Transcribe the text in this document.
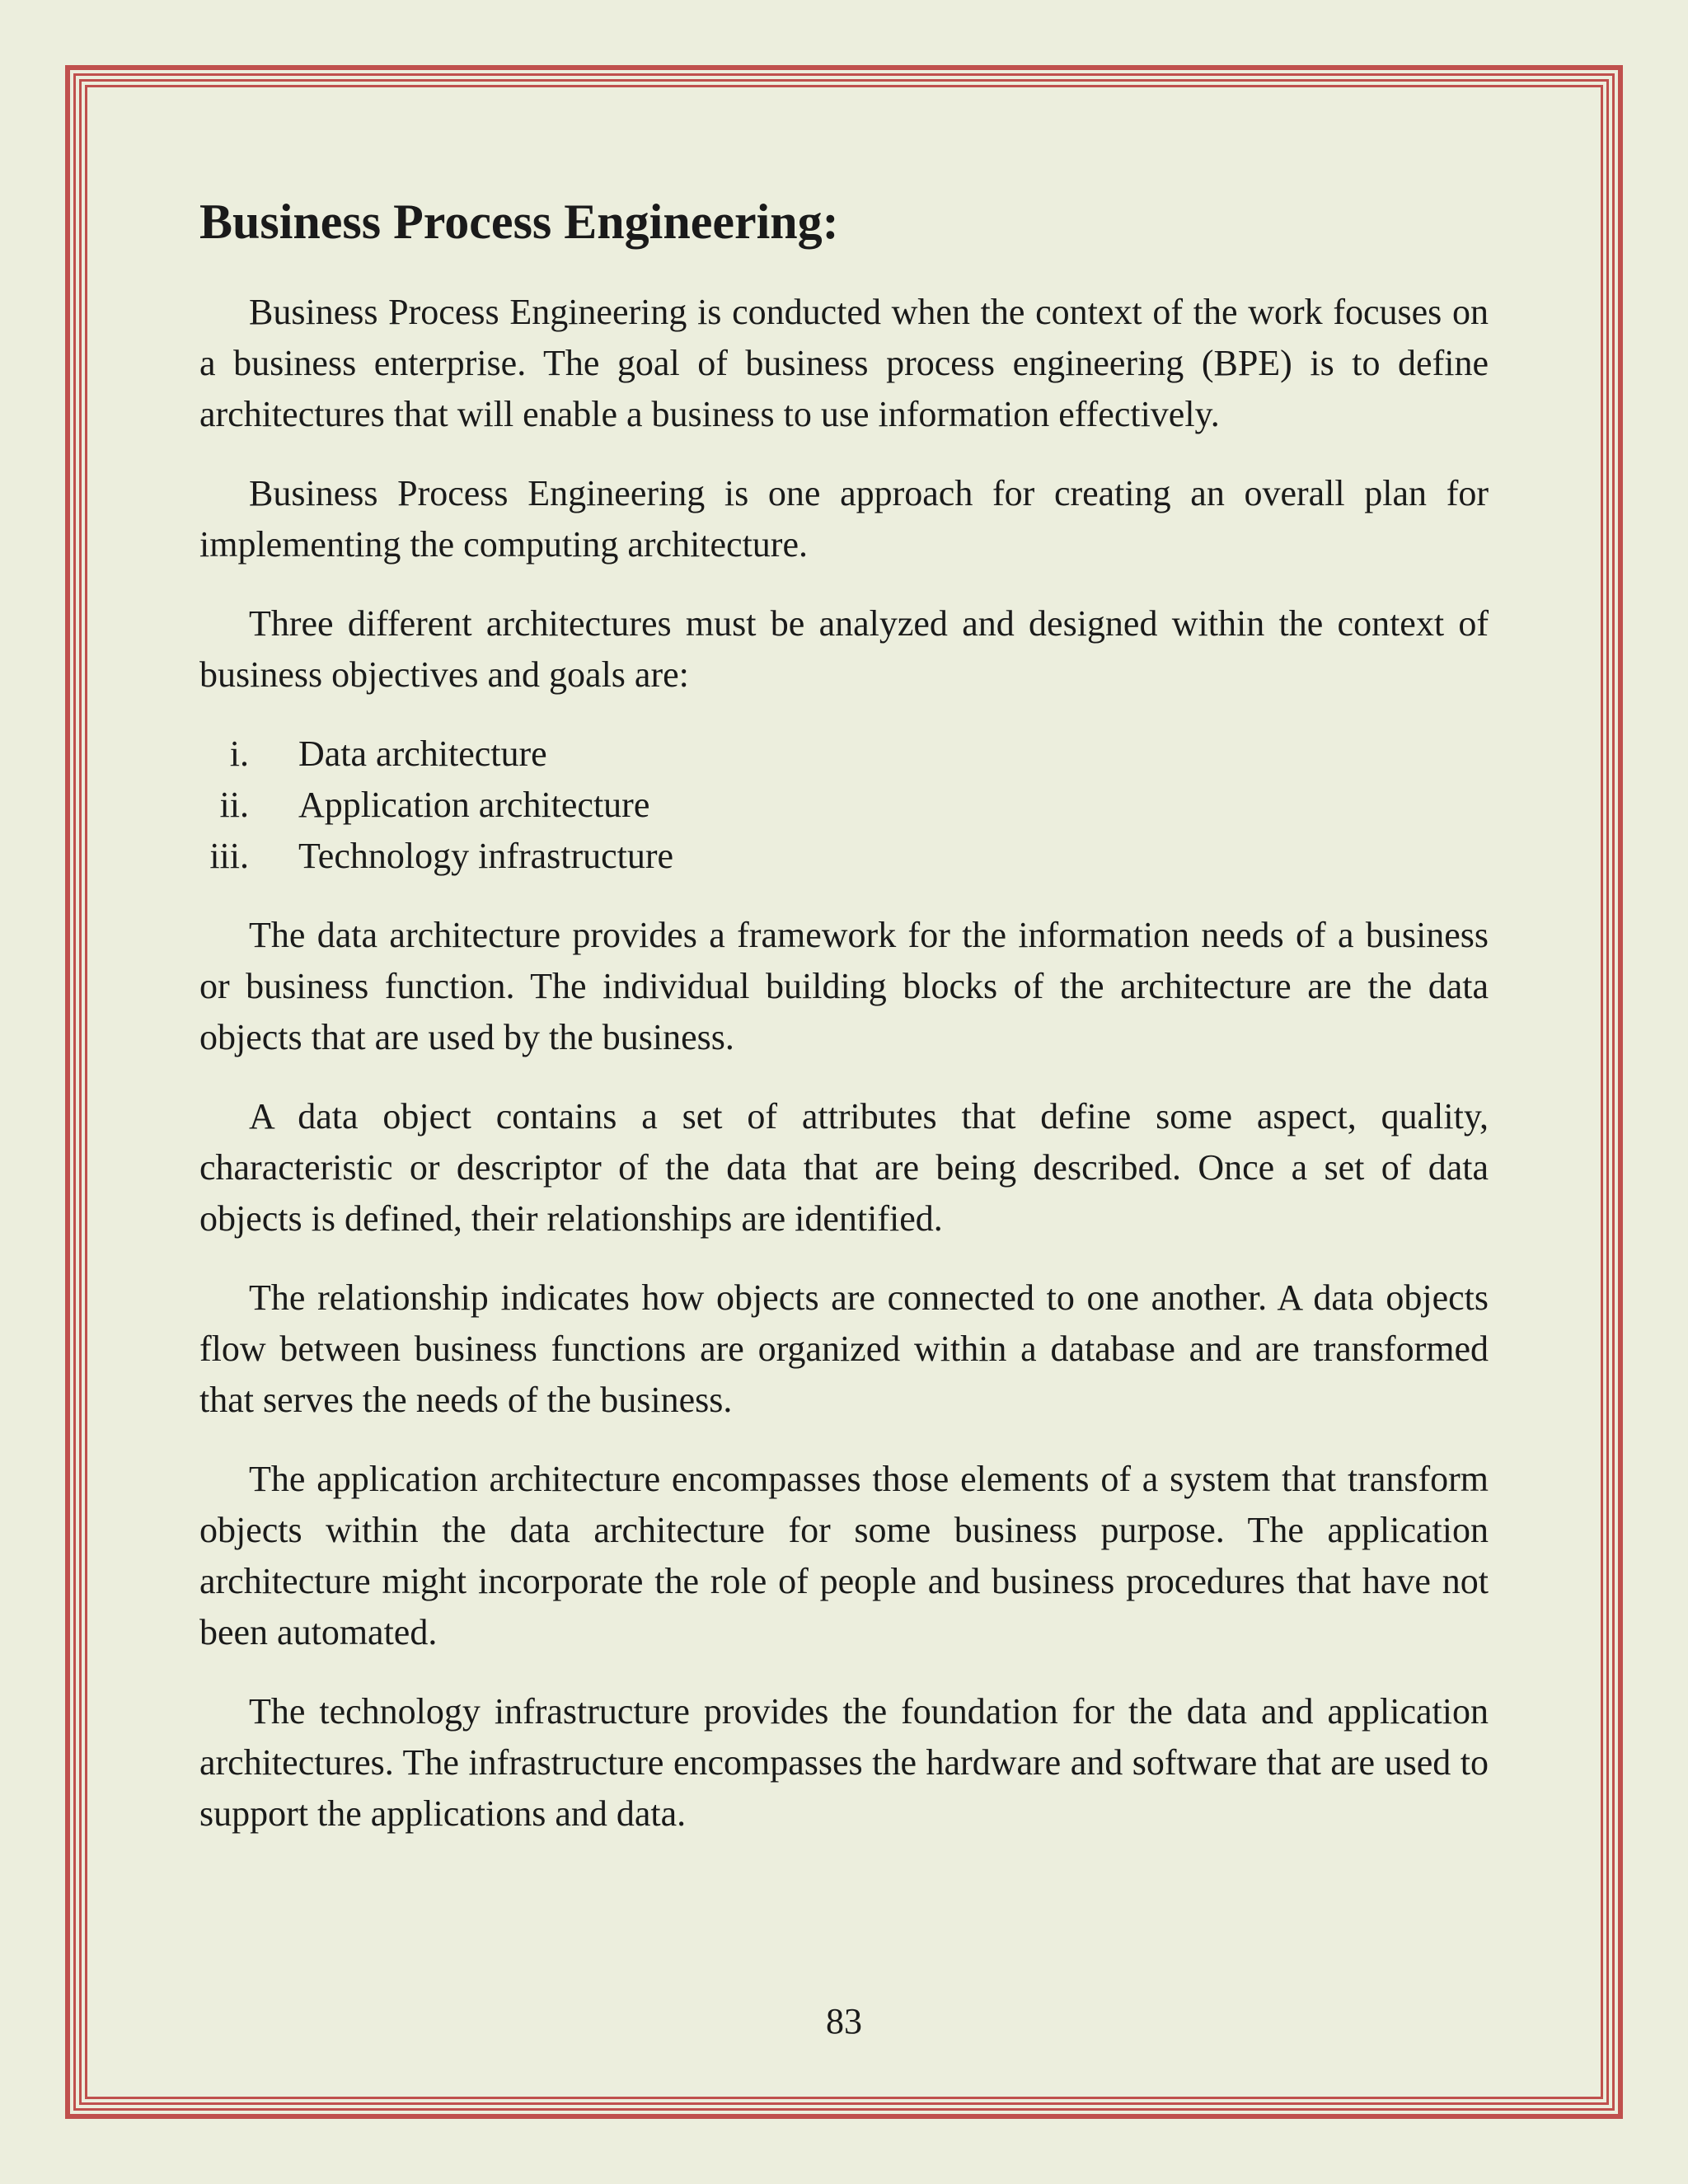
Business Process Engineering:

Business Process Engineering is conducted when the context of the work focuses on a business enterprise. The goal of business process engineering (BPE) is to define architectures that will enable a business to use information effectively.

Business Process Engineering is one approach for creating an overall plan for implementing the computing architecture.

Three different architectures must be analyzed and designed within the context of business objectives and goals are:

i. Data architecture
ii. Application architecture
iii. Technology infrastructure

The data architecture provides a framework for the information needs of a business or business function. The individual building blocks of the architecture are the data objects that are used by the business.

A data object contains a set of attributes that define some aspect, quality, characteristic or descriptor of the data that are being described. Once a set of data objects is defined, their relationships are identified.

The relationship indicates how objects are connected to one another. A data objects flow between business functions are organized within a database and are transformed that serves the needs of the business.

The application architecture encompasses those elements of a system that transform objects within the data architecture for some business purpose. The application architecture might incorporate the role of people and business procedures that have not been automated.

The technology infrastructure provides the foundation for the data and application architectures. The infrastructure encompasses the hardware and software that are used to support the applications and data.

83
